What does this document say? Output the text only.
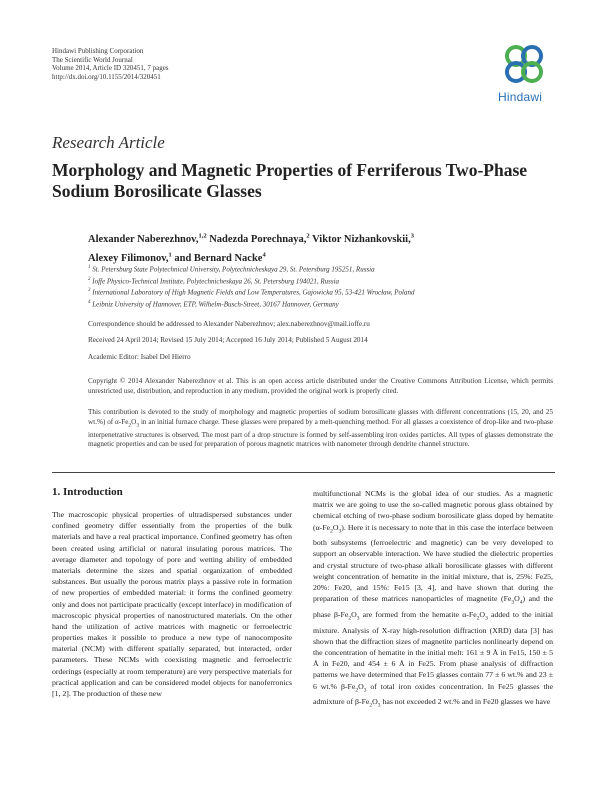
Hindawi Publishing Corporation
The Scientific World Journal
Volume 2014, Article ID 320451, 7 pages
http://dx.doi.org/10.1155/2014/320451
Hindawi
Research Article
Morphology and Magnetic Properties of Ferriferous Two-Phase Sodium Borosilicate Glasses
Alexander Naberezhnov,$^{1,2}$ Nadezda Porechnaya,$^2$ Viktor Nizhankovskii,$^3$
Alexey Filimonov,$^1$ and Bernard Nacke$^4$
$^1$ St. Petersburg State Polytechnical University, Polytechnicheskaya 29, St. Petersburg 195251, Russia
$^2$ Ioffe Physico-Technical Institute, Polytechnicheskaya 26, St. Petersburg 194021, Russia
$^3$ International Laboratory of High Magnetic Fields and Low Temperatures, Gajowicka 95, 53-421 Wrocław, Poland
$^4$ Leibniz University of Hannover, ETP, Wilhelm-Busch-Street, 30167 Hannover, Germany
Correspondence should be addressed to Alexander Naberezhnov; alex.naberezhnov@mail.ioffe.ru
Received 24 April 2014; Revised 15 July 2014; Accepted 16 July 2014; Published 5 August 2014
Academic Editor: Isabel Del Hierro
Copyright © 2014 Alexander Naberezhnov et al. This is an open access article distributed under the Creative Commons Attribution License, which permits unrestricted use, distribution, and reproduction in any medium, provided the original work is properly cited.
This contribution is devoted to the study of morphology and magnetic properties of sodium borosilicate glasses with different concentrations (15, 20, and 25 wt.%) of $\alpha-Fe_2O_3$ in an initial furnace charge. These glasses were prepared by a melt-quenching method. For all glasses a coexistence of drop-like and two-phase interpenetrative structures is observed. The most part of a drop structure is formed by self-assembling iron oxides particles. All types of glasses demonstrate the magnetic properties and can be used for preparation of porous magnetic matrices with nanometer through dendrite channel structure.
1. Introduction

The macroscopic physical properties of ultradispersed substances under confined geometry differ essentially from the properties of the bulk materials and have a real practical importance. Confined geometry has often been created using artificial or natural insulating porous matrices. The average diameter and topology of pore and wetting ability of embedded materials determine the sizes and spatial organization of embedded substances. But usually the porous matrix plays a passive role in formation of new properties of embedded material: it forms the confined geometry only and does not participate practically (except interface) in modification of macroscopic physical properties of nanostructured materials. On the other hand the utilization of active matrices with magnetic or ferroelectric properties makes it possible to produce a new type of nanocomposite material (NCM) with different spatially separated, but interacted, order parameters. These NCMs with coexisting magnetic and ferroelectric orderings (especially at room temperature) are very perspective materials for practical application and can be considered model objects for nanoferronics [1, 2]. The production of these new

multifunctional NCMs is the global idea of our studies. As a magnetic matrix we are going to use the so-called magnetic porous glass obtained by chemical etching of two-phase sodium borosilicate glass doped by hematite $(\alpha-Fe_2O_3)$. Here it is necessary to note that in this case the interface between both subsystems (ferroelectric and magnetic) can be very developed to support an observable interaction. We have studied the dielectric properties and crystal structure of two-phase alkali borosilicate glasses with different weight concentration of hematite in the initial mixture, that is, 25%: Fe25, 20%: Fe20, and 15%: Fe15 [3, 4], and have shown that during the preparation of these matrices nanoparticles of magnetite $(Fe_3O_4)$ and the phase $\beta-Fe_2O_3$ are formed from the hematite $\alpha-Fe_2O_3$ added to the initial mixture. Analysis of X-ray high-resolution diffraction (XRD) data [3] has shown that the diffraction sizes of magnetite particles nonlinearly depend on the concentration of hematite in the initial melt: 161 ± 9 Å in Fe15, 150 ± 5 Å in Fe20, and 454 ± 6 Å in Fe25. From phase analysis of diffraction patterns we have determined that Fe15 glasses contain 77 ± 6 wt.% and 23 ± 6 wt.% $\beta-Fe_2O_3$ of total iron oxides concentration. In Fe25 glasses the admixture of $\beta-Fe_2O_3$ has not exceeded 2 wt.% and in Fe20 glasses we have
